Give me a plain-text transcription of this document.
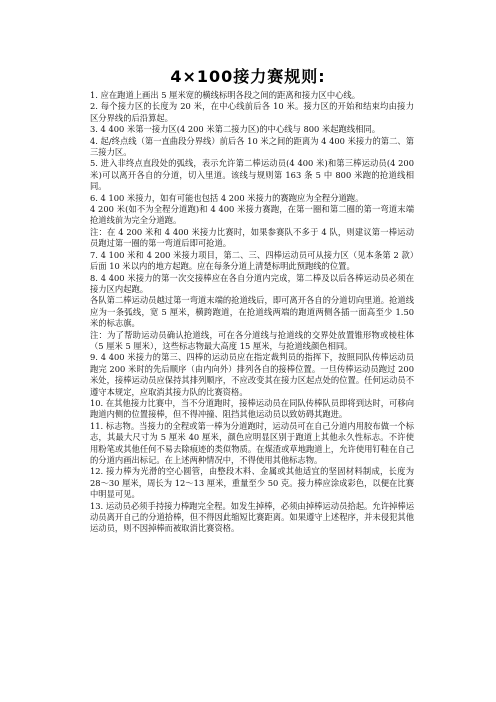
4×100接力赛规则:

1. 应在跑道上画出 5 厘米宽的横线标明各段之间的距离和接力区中心线。

2. 每个接力区的长度为 20 米，在中心线前后各 10 米。接力区的开始和结束均由接力区分界线的后沿算起。

3. 4 400 米第一接力区(4 200 米第二接力区)的中心线与 800 米起跑线相同。

4. 起/终点线（第一直曲段分界线）前后各 10 米之间的距离为 4 400 米接力的第二、第三接力区。

5. 进入非终点直段处的弧线，表示允许第二棒运动员(4 400 米)和第三棒运动员(4 200 米)可以离开各自的分道，切入里道。该线与规则第 163 条 5 中 800 米跑的抢道线相同。

6. 4 100 米接力，如有可能也包括 4 200 米接力的赛跑应为全程分道跑。

4 200 米(如不为全程分道跑)和 4 400 米接力赛跑，在第一圈和第二圈的第一弯道末端抢道线前为完全分道跑。

注：在 4 200 米和 4 400 米接力比赛时，如果参赛队不多于 4 队，则建议第一棒运动员跑过第一圈的第一弯道后即可抢道。

7. 4 100 米和 4 200 米接力项目，第二、三、四棒运动员可从接力区（见本条第 2 款）后面 10 米以内的地方起跑。应在每条分道上清楚标明此预跑线的位置。

8. 4 400 米接力的第一次交接棒应在各自分道内完成，第二棒及以后各棒运动员必须在接力区内起跑。

各队第二棒运动员越过第一弯道末端的抢道线后，即可离开各自的分道切向里道。抢道线应为一条弧线，宽 5 厘米，横跨跑道，在抢道线两端的跑道两侧各插一面高至少 1.50 米的标志旗。

注：为了帮助运动员确认抢道线，可在各分道线与抢道线的交界处放置锥形物或棱柱体（5 厘米 5 厘米），这些标志物最大高度 15 厘米，与抢道线颜色相同。

9. 4 400 米接力的第三、四棒的运动员应在指定裁判员的指挥下，按照同队传棒运动员跑完 200 米时的先后顺序（由内向外）排列各自的接棒位置。一旦传棒运动员跑过 200 米处，接棒运动员应保持其排列顺序，不应改变其在接力区起点处的位置。任何运动员不遵守本规定，应取消其接力队的比赛资格。

10. 在其他接力比赛中，当不分道跑时，接棒运动员在同队传棒队员即将到达时，可移向跑道内侧的位置接棒，但不得冲撞、阻挡其他运动员以致妨碍其跑进。

11. 标志物。当接力的全程或第一棒为分道跑时，运动员可在自己分道内用胶布做一个标志，其最大尺寸为 5 厘米 40 厘米，颜色应明显区别于跑道上其他永久性标志。不许使用粉笔或其他任何不易去除痕迹的类似物质。在煤渣或草地跑道上，允许使用钉鞋在自己的分道内画出标记。在上述两种情况中，不得使用其他标志物。

12. 接力棒为光滑的空心圆管，由整段木料、金属或其他适宜的坚固材料制成，长度为 28～30 厘米，周长为 12～13 厘米，重量至少 50 克。接力棒应涂成彩色，以便在比赛中明显可见。

13. 运动员必须手持接力棒跑完全程。如发生掉棒，必须由掉棒运动员拾起。允许掉棒运动员离开自己的分道拾棒，但不得因此缩短比赛距离。如果遵守上述程序，并未侵犯其他运动员，则不因掉棒而被取消比赛资格。
